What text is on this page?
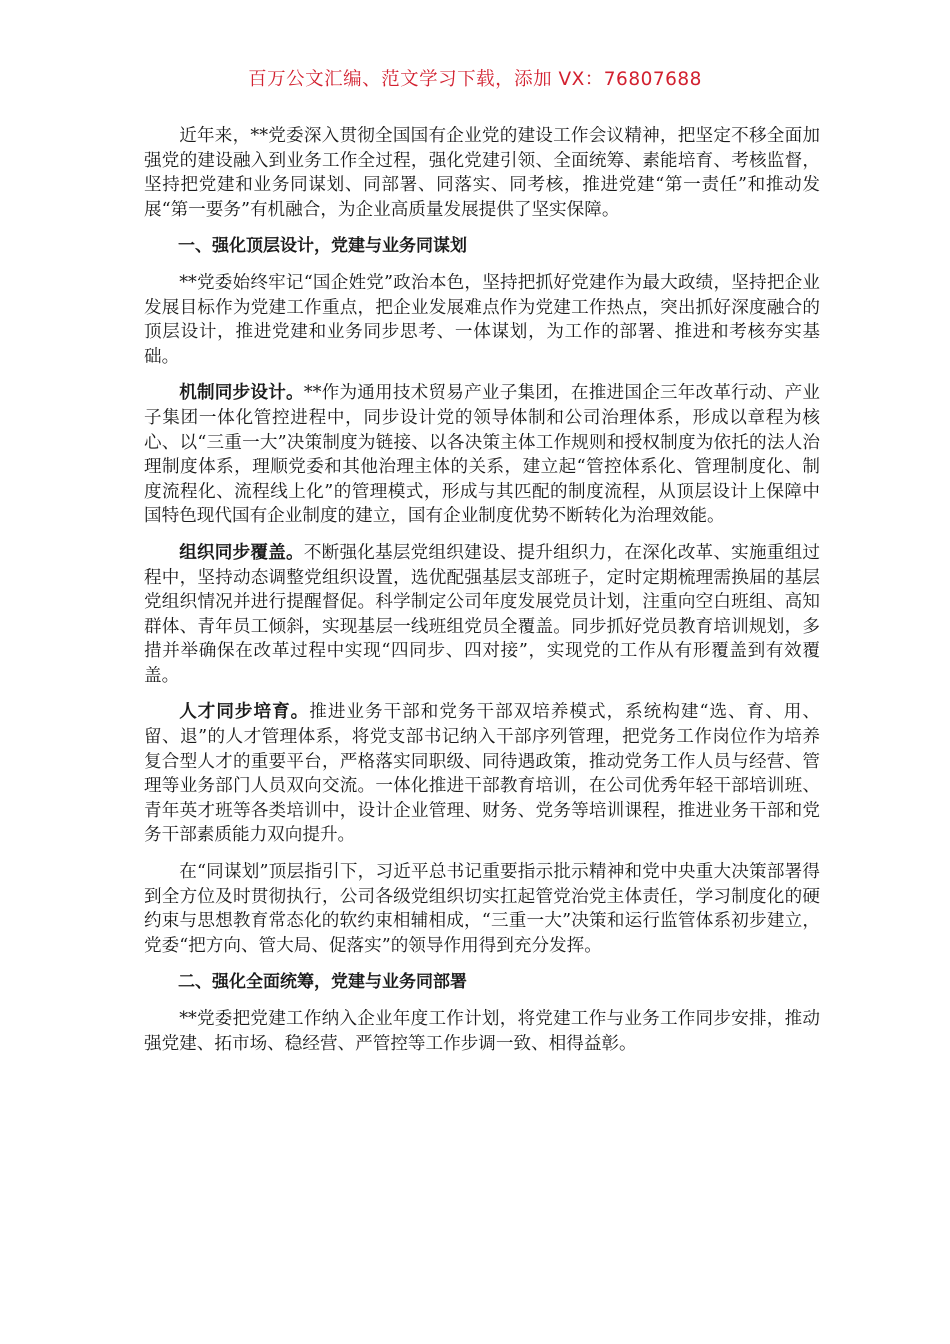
百万公文汇编、范文学习下载，添加 VX：76807688

近年来，**党委深入贯彻全国国有企业党的建设工作会议精神，把坚定不移全面加强党的建设融入到业务工作全过程，强化党建引领、全面统筹、素能培育、考核监督，坚持把党建和业务同谋划、同部署、同落实、同考核，推进党建“第一责任”和推动发展“第一要务”有机融合，为企业高质量发展提供了坚实保障。

一、强化顶层设计，党建与业务同谋划

**党委始终牢记“国企姓党”政治本色，坚持把抓好党建作为最大政绩，坚持把企业发展目标作为党建工作重点，把企业发展难点作为党建工作热点，突出抓好深度融合的顶层设计，推进党建和业务同步思考、一体谋划，为工作的部署、推进和考核夯实基础。

机制同步设计。**作为通用技术贸易产业子集团，在推进国企三年改革行动、产业子集团一体化管控进程中，同步设计党的领导体制和公司治理体系，形成以章程为核心、以“三重一大”决策制度为链接、以各决策主体工作规则和授权制度为依托的法人治理制度体系，理顺党委和其他治理主体的关系，建立起“管控体系化、管理制度化、制度流程化、流程线上化”的管理模式，形成与其匹配的制度流程，从顶层设计上保障中国特色现代国有企业制度的建立，国有企业制度优势不断转化为治理效能。

组织同步覆盖。不断强化基层党组织建设、提升组织力，在深化改革、实施重组过程中，坚持动态调整党组织设置，选优配强基层支部班子，定时定期梳理需换届的基层党组织情况并进行提醒督促。科学制定公司年度发展党员计划，注重向空白班组、高知群体、青年员工倾斜，实现基层一线班组党员全覆盖。同步抓好党员教育培训规划，多措并举确保在改革过程中实现“四同步、四对接”，实现党的工作从有形覆盖到有效覆盖。

人才同步培育。推进业务干部和党务干部双培养模式，系统构建“选、育、用、留、退”的人才管理体系，将党支部书记纳入干部序列管理，把党务工作岗位作为培养复合型人才的重要平台，严格落实同职级、同待遇政策，推动党务工作人员与经营、管理等业务部门人员双向交流。一体化推进干部教育培训，在公司优秀年轻干部培训班、青年英才班等各类培训中，设计企业管理、财务、党务等培训课程，推进业务干部和党务干部素质能力双向提升。

在“同谋划”顶层指引下，习近平总书记重要指示批示精神和党中央重大决策部署得到全方位及时贯彻执行，公司各级党组织切实扛起管党治党主体责任，学习制度化的硬约束与思想教育常态化的软约束相辅相成，“三重一大”决策和运行监管体系初步建立，党委“把方向、管大局、促落实”的领导作用得到充分发挥。

二、强化全面统筹，党建与业务同部署

**党委把党建工作纳入企业年度工作计划，将党建工作与业务工作同步安排，推动强党建、拓市场、稳经营、严管控等工作步调一致、相得益彰。
